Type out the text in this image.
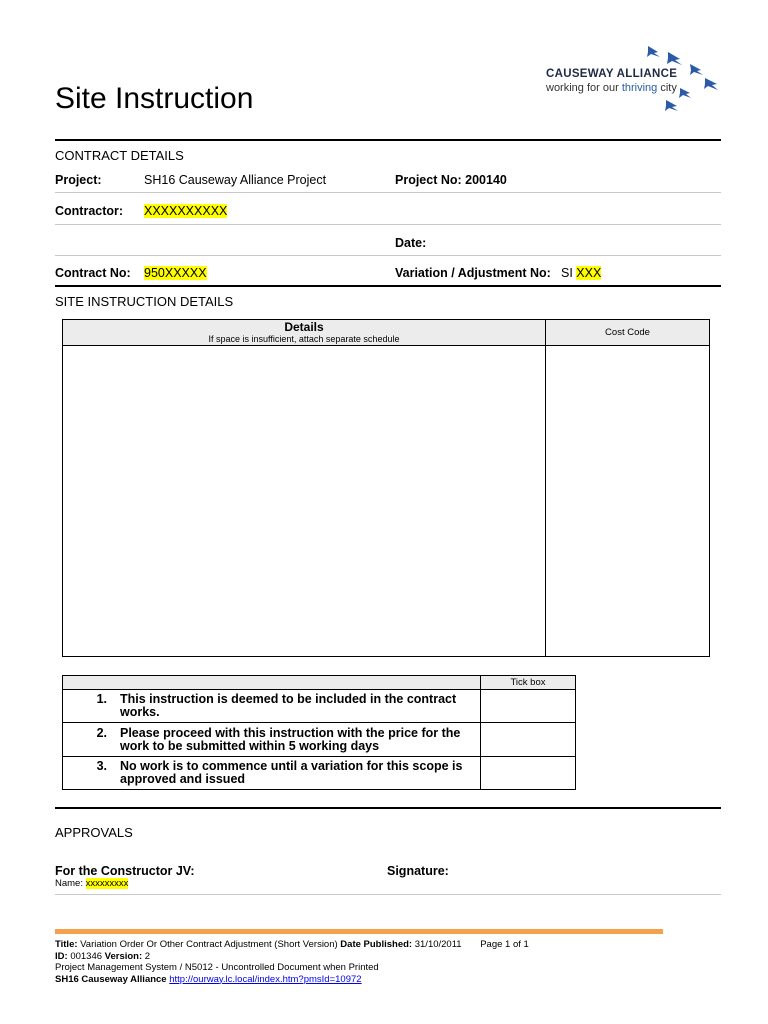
Site Instruction
CAUSEWAY ALLIANCE
working for our thriving city
CONTRACT DETAILS
Project:	SH16 Causeway Alliance Project	Project No: 200140
Contractor: XXXXXXXXXX
Date:
Contract No: 950XXXXX	Variation / Adjustment No: SI XXX
SITE INSTRUCTION DETAILS
Details
If space is insufficient, attach separate schedule	Cost Code

	Tick box

1. This instruction is deemed to be included in the contract works.	

2. Please proceed with this instruction with the price for the work to be submitted within 5 working days	

3. No work is to commence until a variation for this scope is approved and issued	

APPROVALS
For the Constructor JV:	Signature:
Name: xxxxxxxxx
Title: Variation Order Or Other Contract Adjustment (Short Version) Date Published: 31/10/2011 Page 1 of 1
ID: 001346 Version: 2
Project Management System / N5012 - Uncontrolled Document when Printed
SH16 Causeway Alliance http://ourway.lc.local/index.htm?pmsId=10972
